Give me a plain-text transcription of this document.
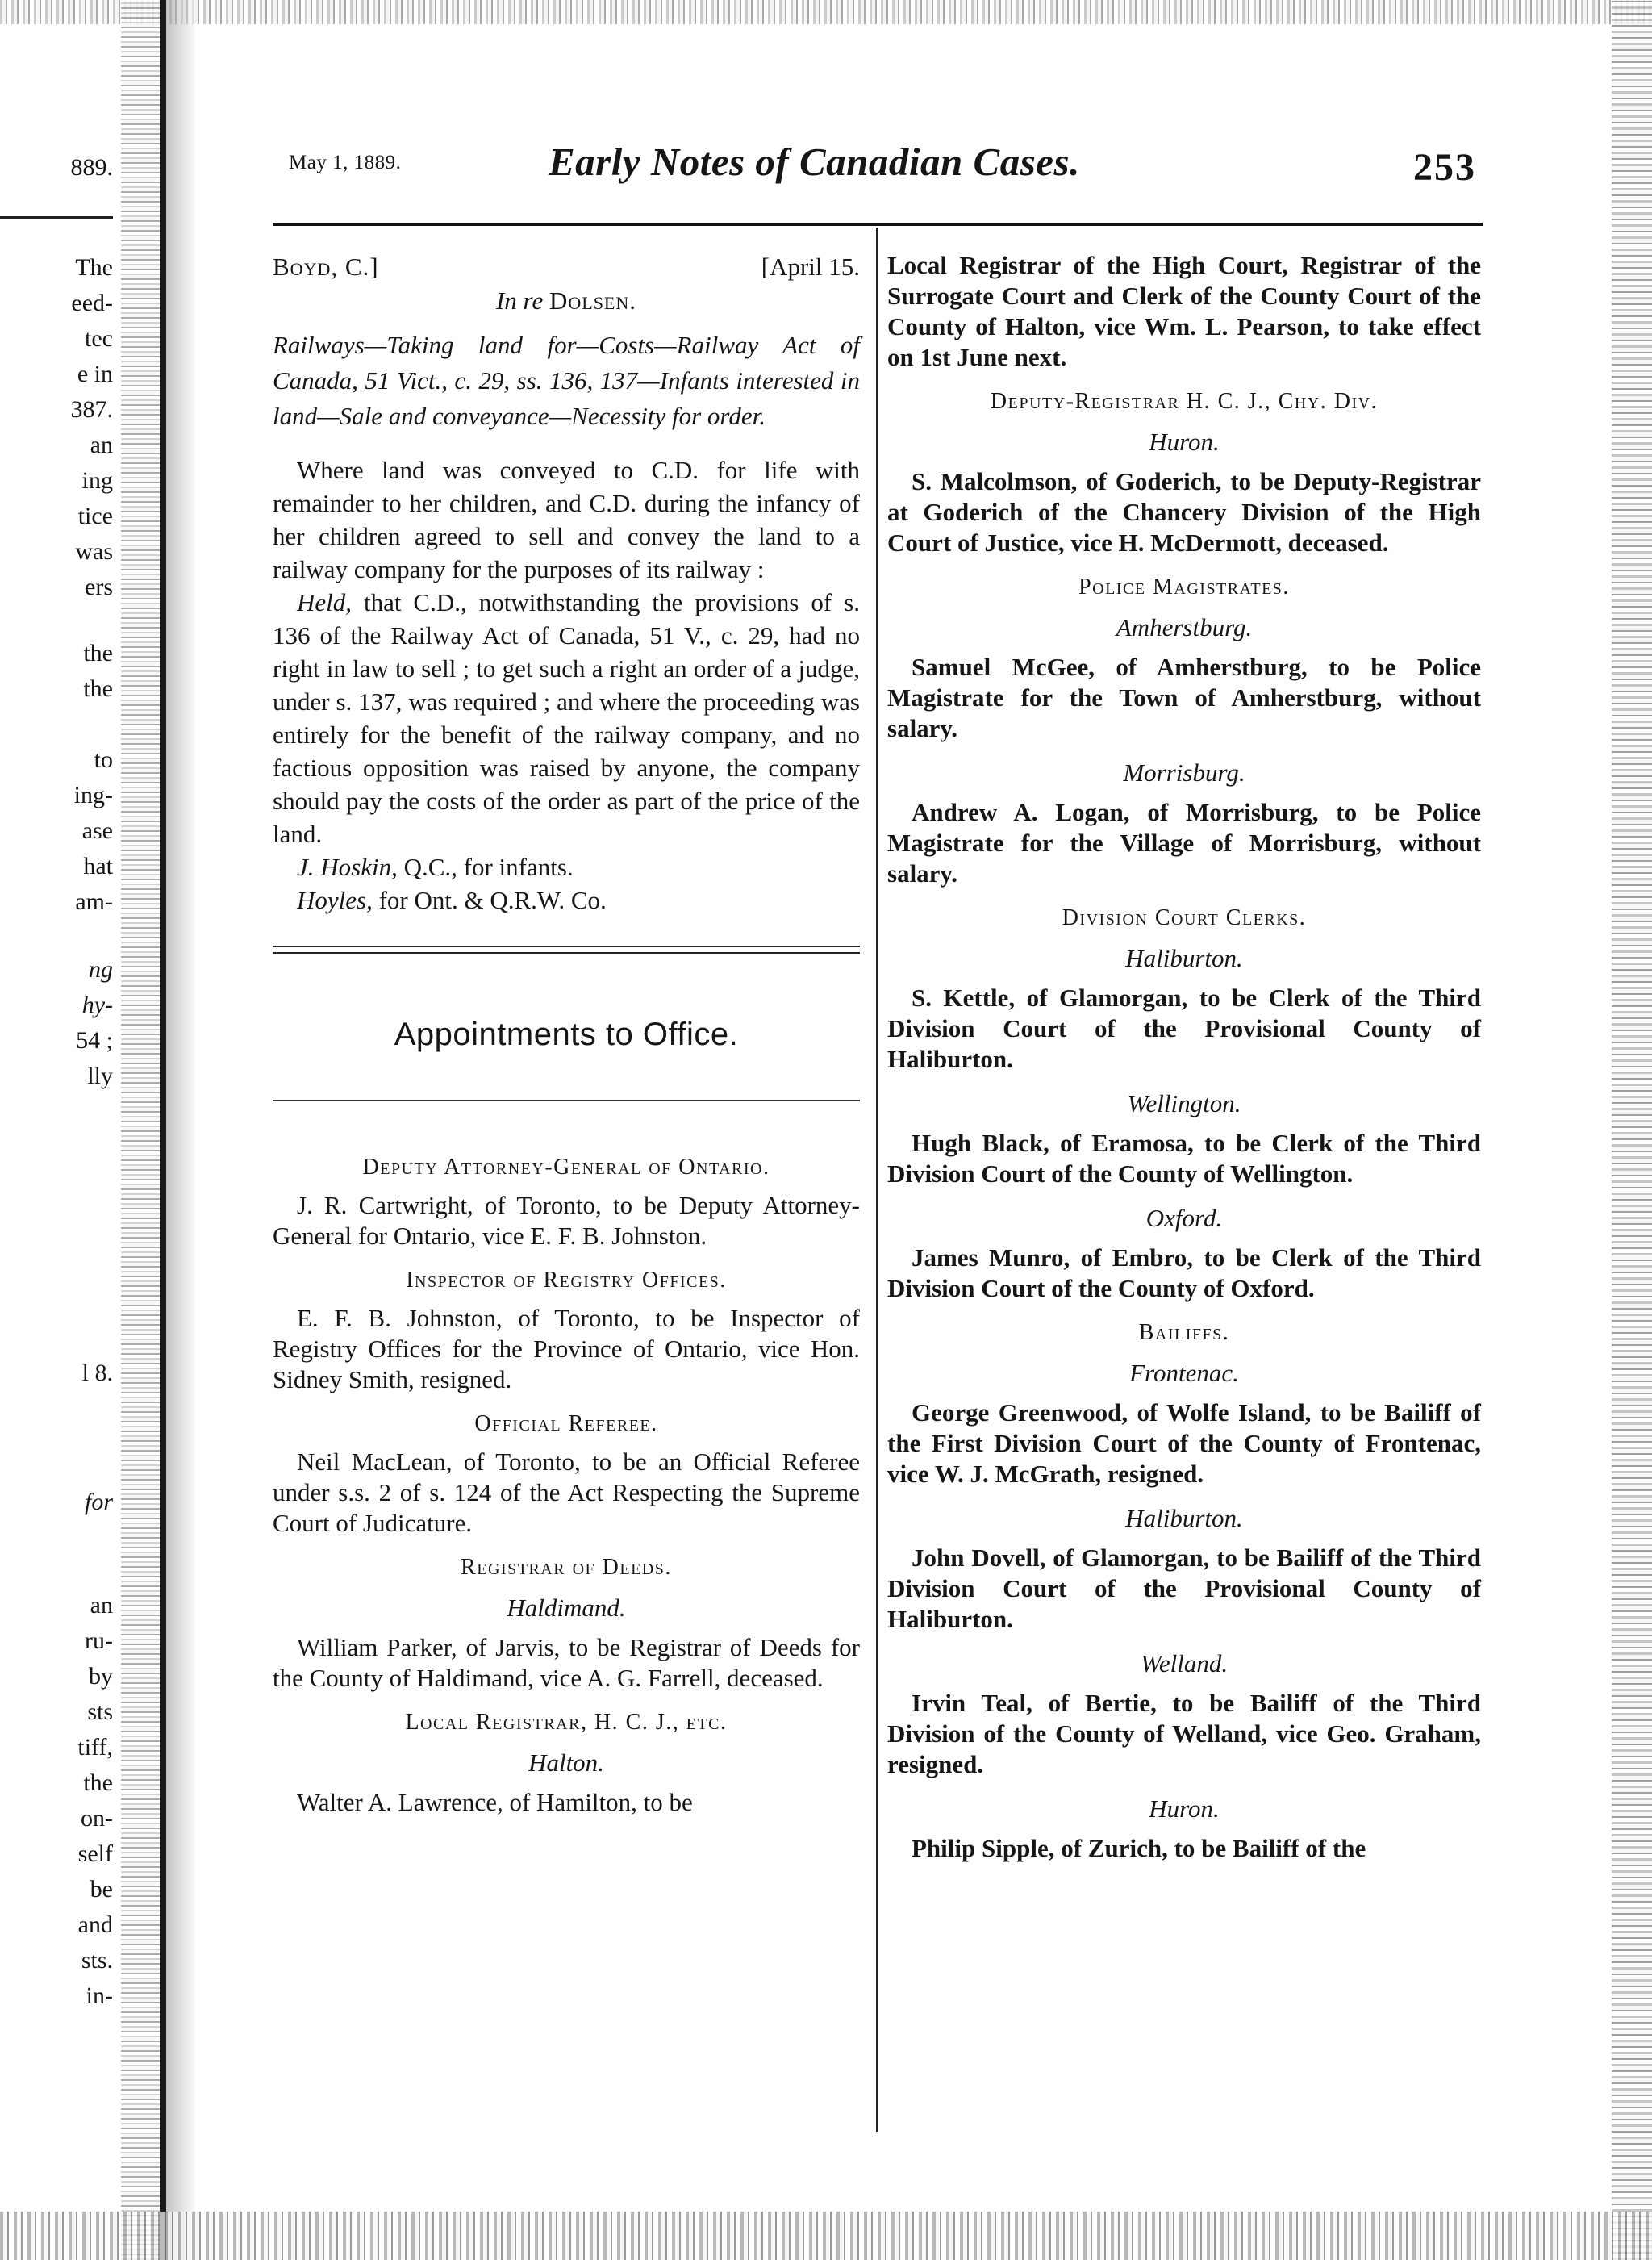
889.
The
eed-
tec
e in
387.
an
ing
tice
was
ers
the
the
to
ing-
ase
hat
am-
ng
hy-
54 ;
lly
l 8.
for
an
ru-
by
sts
tiff,
the
on-
self
be
and
sts.
in-
May 1, 1889.	Early Notes of Canadian Cases.	253
Boyd, C.]	[April 15.
In re Dolsen.

Railways—Taking land for—Costs—Railway Act of Canada, 51 Vict., c. 29, ss. 136, 137—Infants interested in land—Sale and conveyance—Necessity for order.

Where land was conveyed to C.D. for life with remainder to her children, and C.D. during the infancy of her children agreed to sell and convey the land to a railway company for the purposes of its railway :

Held, that C.D., notwithstanding the provisions of s. 136 of the Railway Act of Canada, 51 V., c. 29, had no right in law to sell ; to get such a right an order of a judge, under s. 137, was required ; and where the proceeding was entirely for the benefit of the railway company, and no factious opposition was raised by anyone, the company should pay the costs of the order as part of the price of the land.

J. Hoskin, Q.C., for infants.
Hoyles, for Ont. & Q.R.W. Co.
Appointments to Office.
Deputy Attorney-General of Ontario.

J. R. Cartwright, of Toronto, to be Deputy Attorney-General for Ontario, vice E. F. B. Johnston.

Inspector of Registry Offices.

E. F. B. Johnston, of Toronto, to be Inspector of Registry Offices for the Province of Ontario, vice Hon. Sidney Smith, resigned.

Official Referee.

Neil MacLean, of Toronto, to be an Official Referee under s.s. 2 of s. 124 of the Act Respecting the Supreme Court of Judicature.

Registrar of Deeds.
Haldimand.

William Parker, of Jarvis, to be Registrar of Deeds for the County of Haldimand, vice A. G. Farrell, deceased.

Local Registrar, H. C. J., etc.
Halton.

Walter A. Lawrence, of Hamilton, to be

Local Registrar of the High Court, Registrar of the Surrogate Court and Clerk of the County Court of the County of Halton, vice Wm. L. Pearson, to take effect on 1st June next.

Deputy-Registrar H. C. J., Chy. Div.
Huron.

S. Malcolmson, of Goderich, to be Deputy-Registrar at Goderich of the Chancery Division of the High Court of Justice, vice H. McDermott, deceased.

Police Magistrates.
Amherstburg.

Samuel McGee, of Amherstburg, to be Police Magistrate for the Town of Amherstburg, without salary.

Morrisburg.

Andrew A. Logan, of Morrisburg, to be Police Magistrate for the Village of Morrisburg, without salary.

Division Court Clerks.
Haliburton.

S. Kettle, of Glamorgan, to be Clerk of the Third Division Court of the Provisional County of Haliburton.

Wellington.

Hugh Black, of Eramosa, to be Clerk of the Third Division Court of the County of Wellington.

Oxford.

James Munro, of Embro, to be Clerk of the Third Division Court of the County of Oxford.

Bailiffs.
Frontenac.

George Greenwood, of Wolfe Island, to be Bailiff of the First Division Court of the County of Frontenac, vice W. J. McGrath, resigned.

Haliburton.

John Dovell, of Glamorgan, to be Bailiff of the Third Division Court of the Provisional County of Haliburton.

Welland.

Irvin Teal, of Bertie, to be Bailiff of the Third Division of the County of Welland, vice Geo. Graham, resigned.

Huron.

Philip Sipple, of Zurich, to be Bailiff of the
